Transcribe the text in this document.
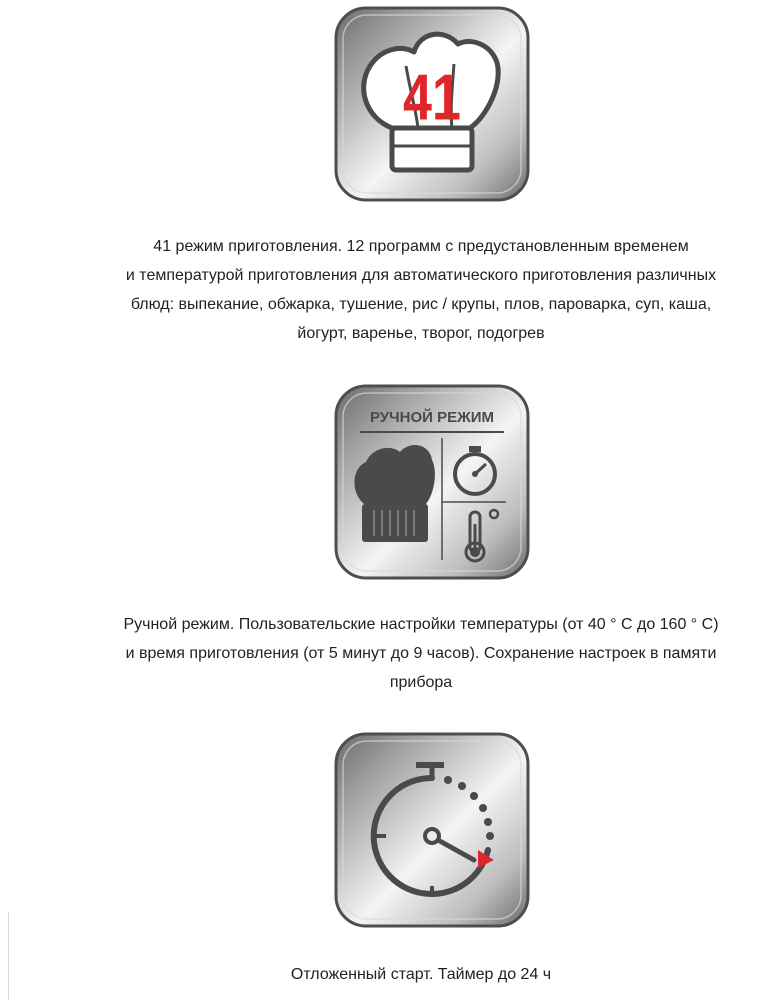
41
41 режим приготовления. 12 программ с предустановленным временем
и температурой приготовления для автоматического приготовления различных
блюд: выпекание, обжарка, тушение, рис / крупы, плов, пароварка, суп, каша,
йогурт, варенье, творог, подогрев
РУЧНОЙ РЕЖИМ
Ручной режим. Пользовательские настройки температуры (от 40 ° С до 160 ° С)
и время приготовления (от 5 минут до 9 часов). Сохранение настроек в памяти
прибора
Отложенный старт. Таймер до 24 ч
